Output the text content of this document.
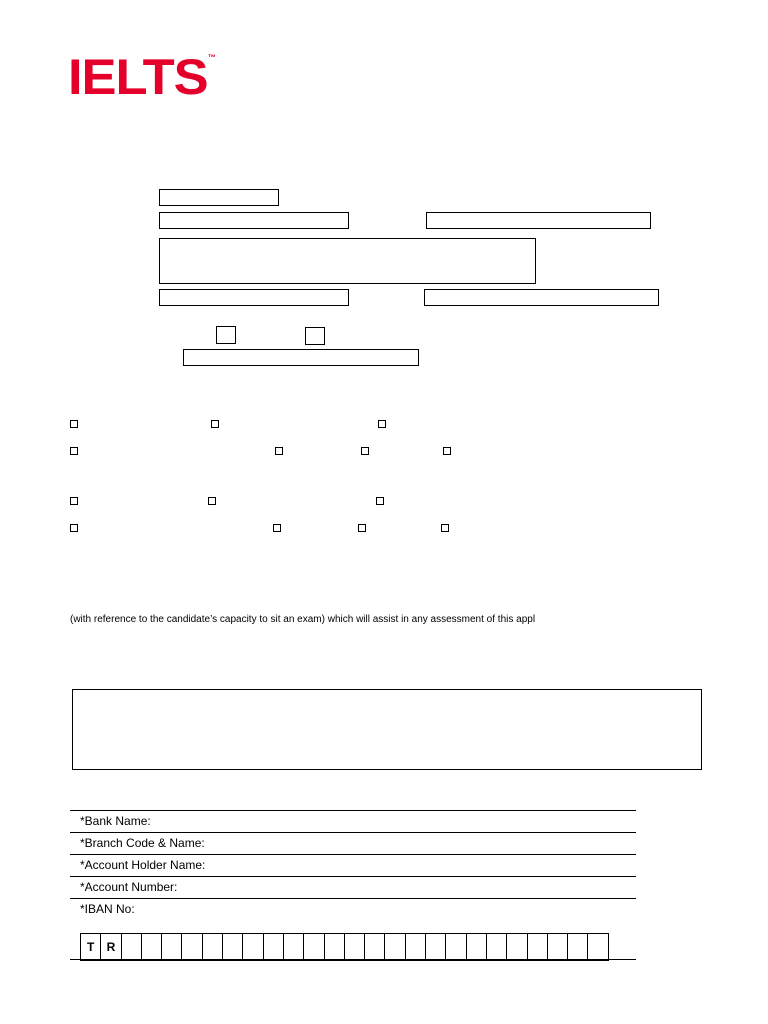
IELTS™
(with reference to the candidate’s capacity to sit an exam) which will assist in any assessment of this appl
*Bank Name:
*Branch Code & Name:
*Account Holder Name:
*Account Number:
*IBAN No:
T	R
